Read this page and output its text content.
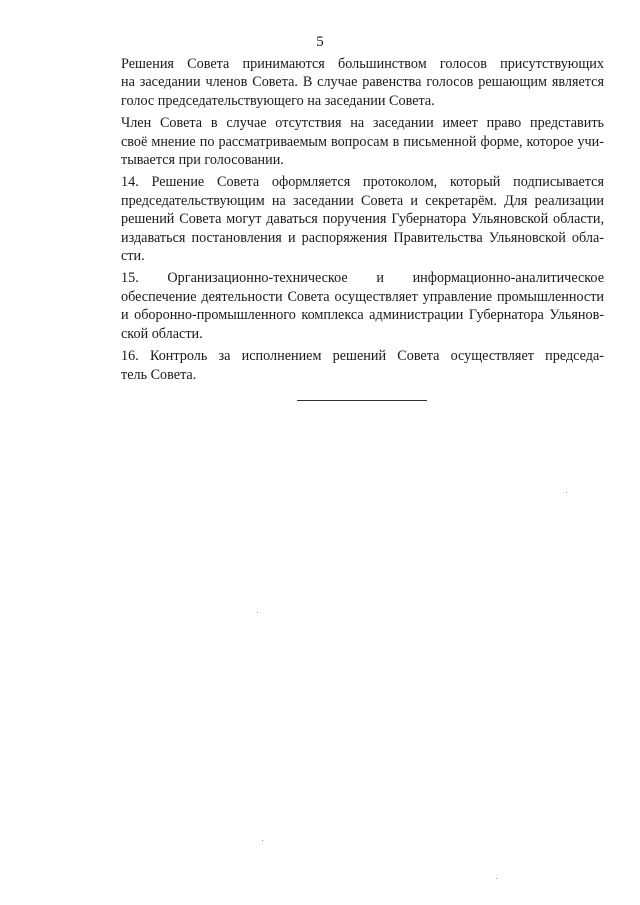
5

Решения Совета принимаются большинством голосов присутствующих
на заседании членов Совета. В случае равенства голосов решающим является
голос председательствующего на заседании Совета.

Член Совета в случае отсутствия на заседании имеет право представить
своё мнение по рассматриваемым вопросам в письменной форме, которое учи-
тывается при голосовании.

14. Решение Совета оформляется протоколом, который подписывается
председательствующим на заседании Совета и секретарём. Для реализации
решений Совета могут даваться поручения Губернатора Ульяновской области,
издаваться постановления и распоряжения Правительства Ульяновской обла-
сти.

15. Организационно-техническое и информационно-аналитическое
обеспечение деятельности Совета осуществляет управление промышленности
и оборонно-промышленного комплекса администрации Губернатора Ульянов-
ской области.

16. Контроль за исполнением решений Совета осуществляет председа-
тель Совета.
